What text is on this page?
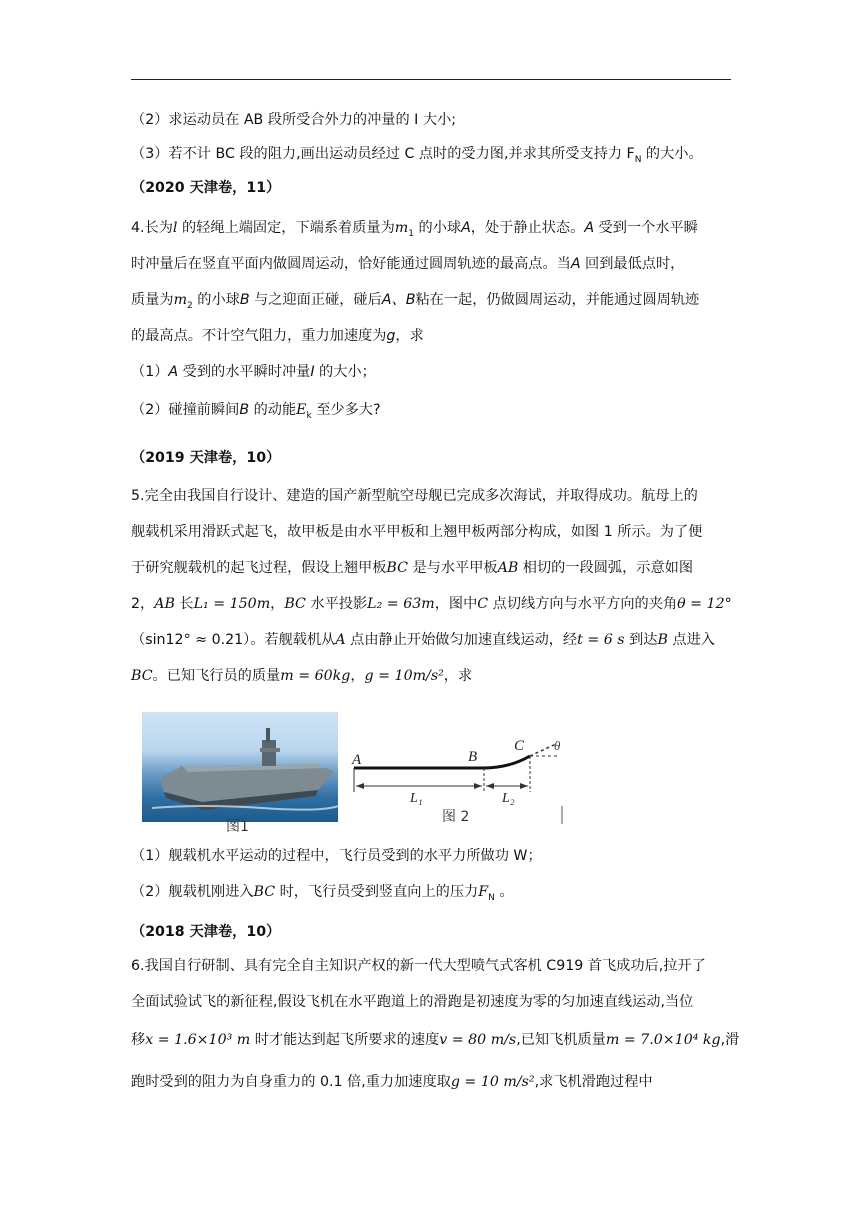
（2）求运动员在 AB 段所受合外力的冲量的 I 大小;
（3）若不计 BC 段的阻力,画出运动员经过 C 点时的受力图,并求其所受支持力 $F_N$ 的大小。
（2020 天津卷，11）
4.长为l 的轻绳上端固定，下端系着质量为$m_1$ 的小球A，处于静止状态。A 受到一个水平瞬
时冲量后在竖直平面内做圆周运动，恰好能通过圆周轨迹的最高点。当A 回到最低点时，
质量为$m_2$ 的小球B 与之迎面正碰，碰后A、B粘在一起，仍做圆周运动，并能通过圆周轨迹
的最高点。不计空气阻力，重力加速度为g，求
（1）A 受到的水平瞬时冲量I 的大小；
（2）碰撞前瞬间B 的动能$E_k$ 至少多大?
（2019 天津卷，10）
5.完全由我国自行设计、建造的国产新型航空母舰已完成多次海试，并取得成功。航母上的
舰载机采用滑跃式起飞，故甲板是由水平甲板和上翘甲板两部分构成，如图 1 所示。为了便
于研究舰载机的起飞过程，假设上翘甲板BC 是与水平甲板AB 相切的一段圆弧，示意如图
2，AB 长L₁ = 150m，BC 水平投影L₂ = 63m，图中C 点切线方向与水平方向的夹角θ = 12°
（sin12° ≈ 0.21）。若舰载机从A 点由静止开始做匀加速直线运动，经t = 6 s 到达B 点进入
BC。已知飞行员的质量m = 60kg，g = 10m/s²，求
图1
A	B
C θ
L₁	L₂
图 2
（1）舰载机水平运动的过程中，飞行员受到的水平力所做功 W；
（2）舰载机刚进入BC 时，飞行员受到竖直向上的压力$F_N$ 。
（2018 天津卷，10）
6.我国自行研制、具有完全自主知识产权的新一代大型喷气式客机 C919 首飞成功后,拉开了
全面试验试飞的新征程,假设飞机在水平跑道上的滑跑是初速度为零的匀加速直线运动,当位
移x = 1.6×10³ m 时才能达到起飞所要求的速度v = 80 m/s,已知飞机质量m = 7.0×10⁴ kg,滑
跑时受到的阻力为自身重力的 0.1 倍,重力加速度取g = 10 m/s²,求飞机滑跑过程中
